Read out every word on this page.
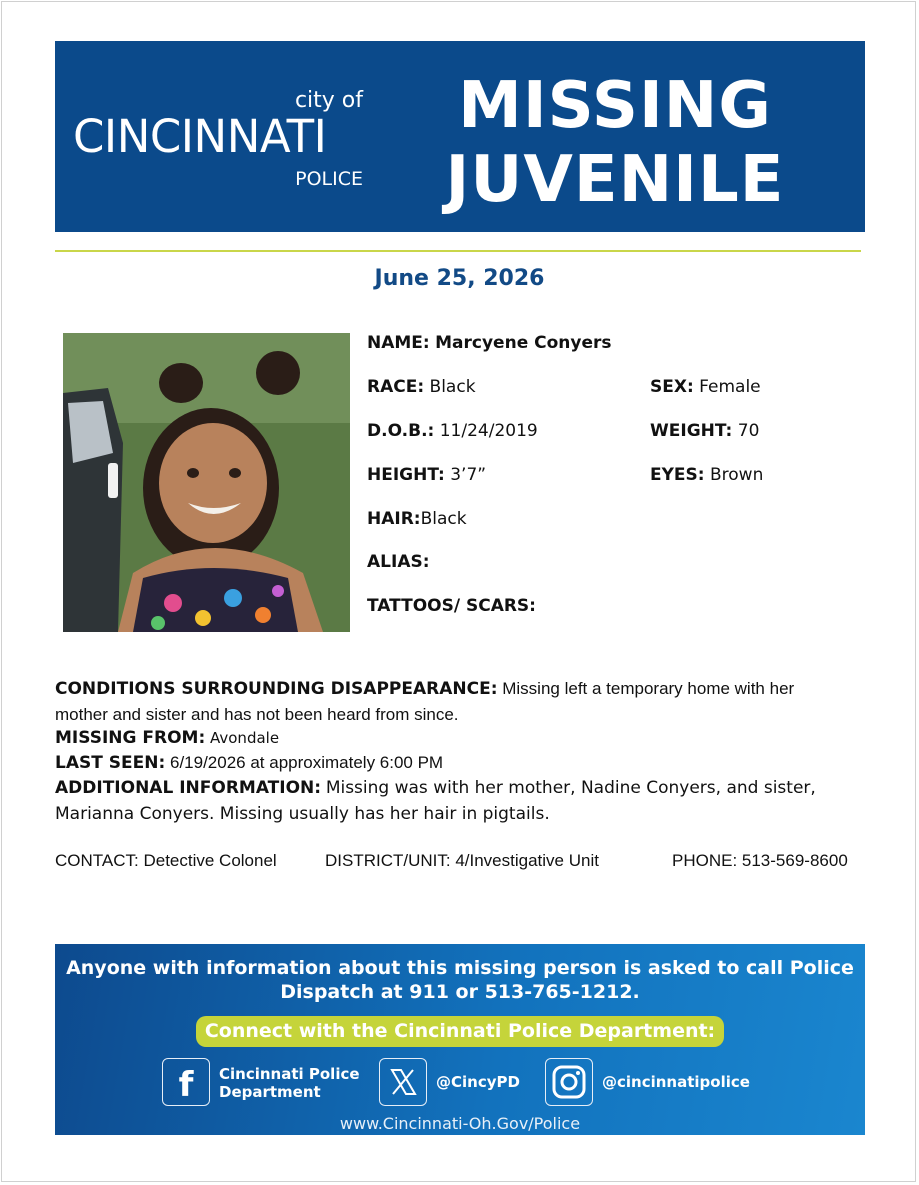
city of
CINCINNATI
POLICE
MISSING
JUVENILE
June 25, 2026
NAME: Marcyene Conyers
RACE: Black	SEX: Female
D.O.B.: 11/24/2019	WEIGHT: 70
HEIGHT: 3’7”	EYES: Brown
HAIR:Black
ALIAS:
TATTOOS/ SCARS:
CONDITIONS SURROUNDING DISAPPEARANCE: Missing left a temporary home with her
mother and sister and has not been heard from since.
MISSING FROM: Avondale
LAST SEEN: 6/19/2026 at approximately 6:00 PM
ADDITIONAL INFORMATION: Missing was with her mother, Nadine Conyers, and sister,
Marianna Conyers. Missing usually has her hair in pigtails.
CONTACT: Detective Colonel	DISTRICT/UNIT: 4/Investigative Unit	PHONE: 513-569-8600
Anyone with information about this missing person is asked to call Police
Dispatch at 911 or 513-765-1212.
Connect with the Cincinnati Police Department:
f Cincinnati Police
Department
@CincyPD	@cincinnatipolice
www.Cincinnati-Oh.Gov/Police
